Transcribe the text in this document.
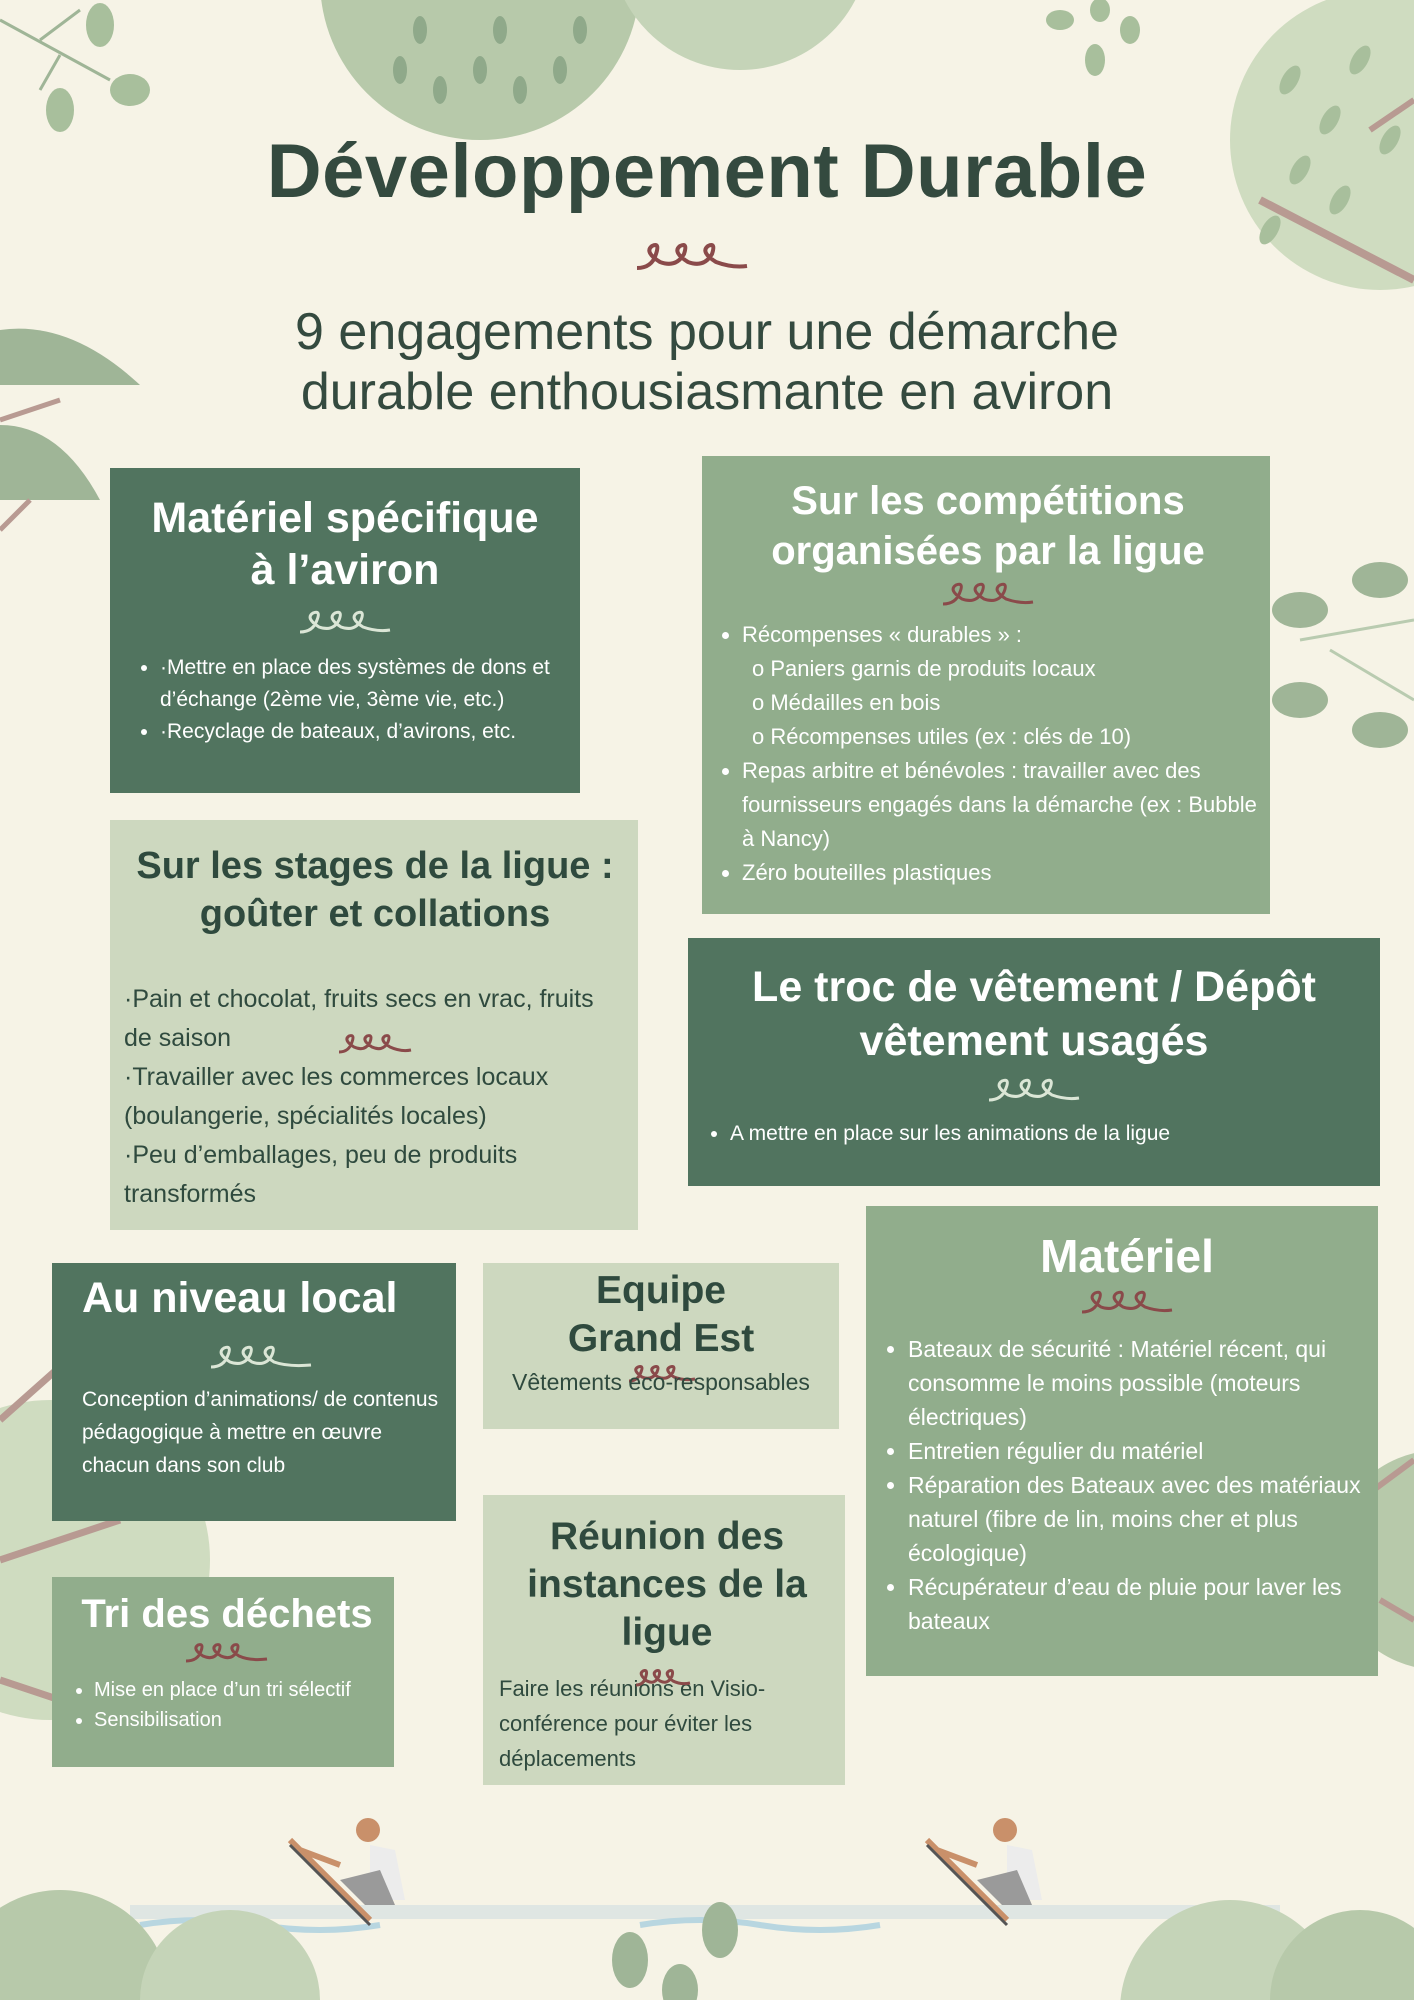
Développement Durable
9 engagements pour une démarche
durable enthousiasmante en aviron
Matériel spécifique
à l’aviron
• ·Mettre en place des systèmes de dons et d’échange (2ème vie, 3ème vie, etc.)
• ·Recyclage de bateaux, d’avirons, etc.
Sur les compétitions
organisées par la ligue
• Récompenses « durables » :
o Paniers garnis de produits locaux
o Médailles en bois
o Récompenses utiles (ex : clés de 10)
• Repas arbitre et bénévoles : travailler avec des fournisseurs engagés dans la démarche (ex : Bubble à Nancy)
• Zéro bouteilles plastiques
Sur les stages de la ligue :
goûter et collations

·Pain et chocolat, fruits secs en vrac, fruits de saison

·Travailler avec les commerces locaux (boulangerie, spécialités locales)

·Peu d’emballages, peu de produits transformés

Le troc de vêtement / Dépôt
vêtement usagés
• A mettre en place sur les animations de la ligue
Au niveau local

Conception d’animations/ de contenus pédagogique à mettre en œuvre chacun dans son club

Equipe
Grand Est

Vêtements eco-responsables

Matériel
• Bateaux de sécurité : Matériel récent, qui consomme le moins possible (moteurs électriques)
• Entretien régulier du matériel
• Réparation des Bateaux avec des matériaux naturel (fibre de lin, moins cher et plus écologique)
• Récupérateur d’eau de pluie pour laver les bateaux
Tri des déchets
• Mise en place d’un tri sélectif
• Sensibilisation
Réunion des
instances de la
ligue

Faire les réunions en Visio-conférence pour éviter les déplacements
